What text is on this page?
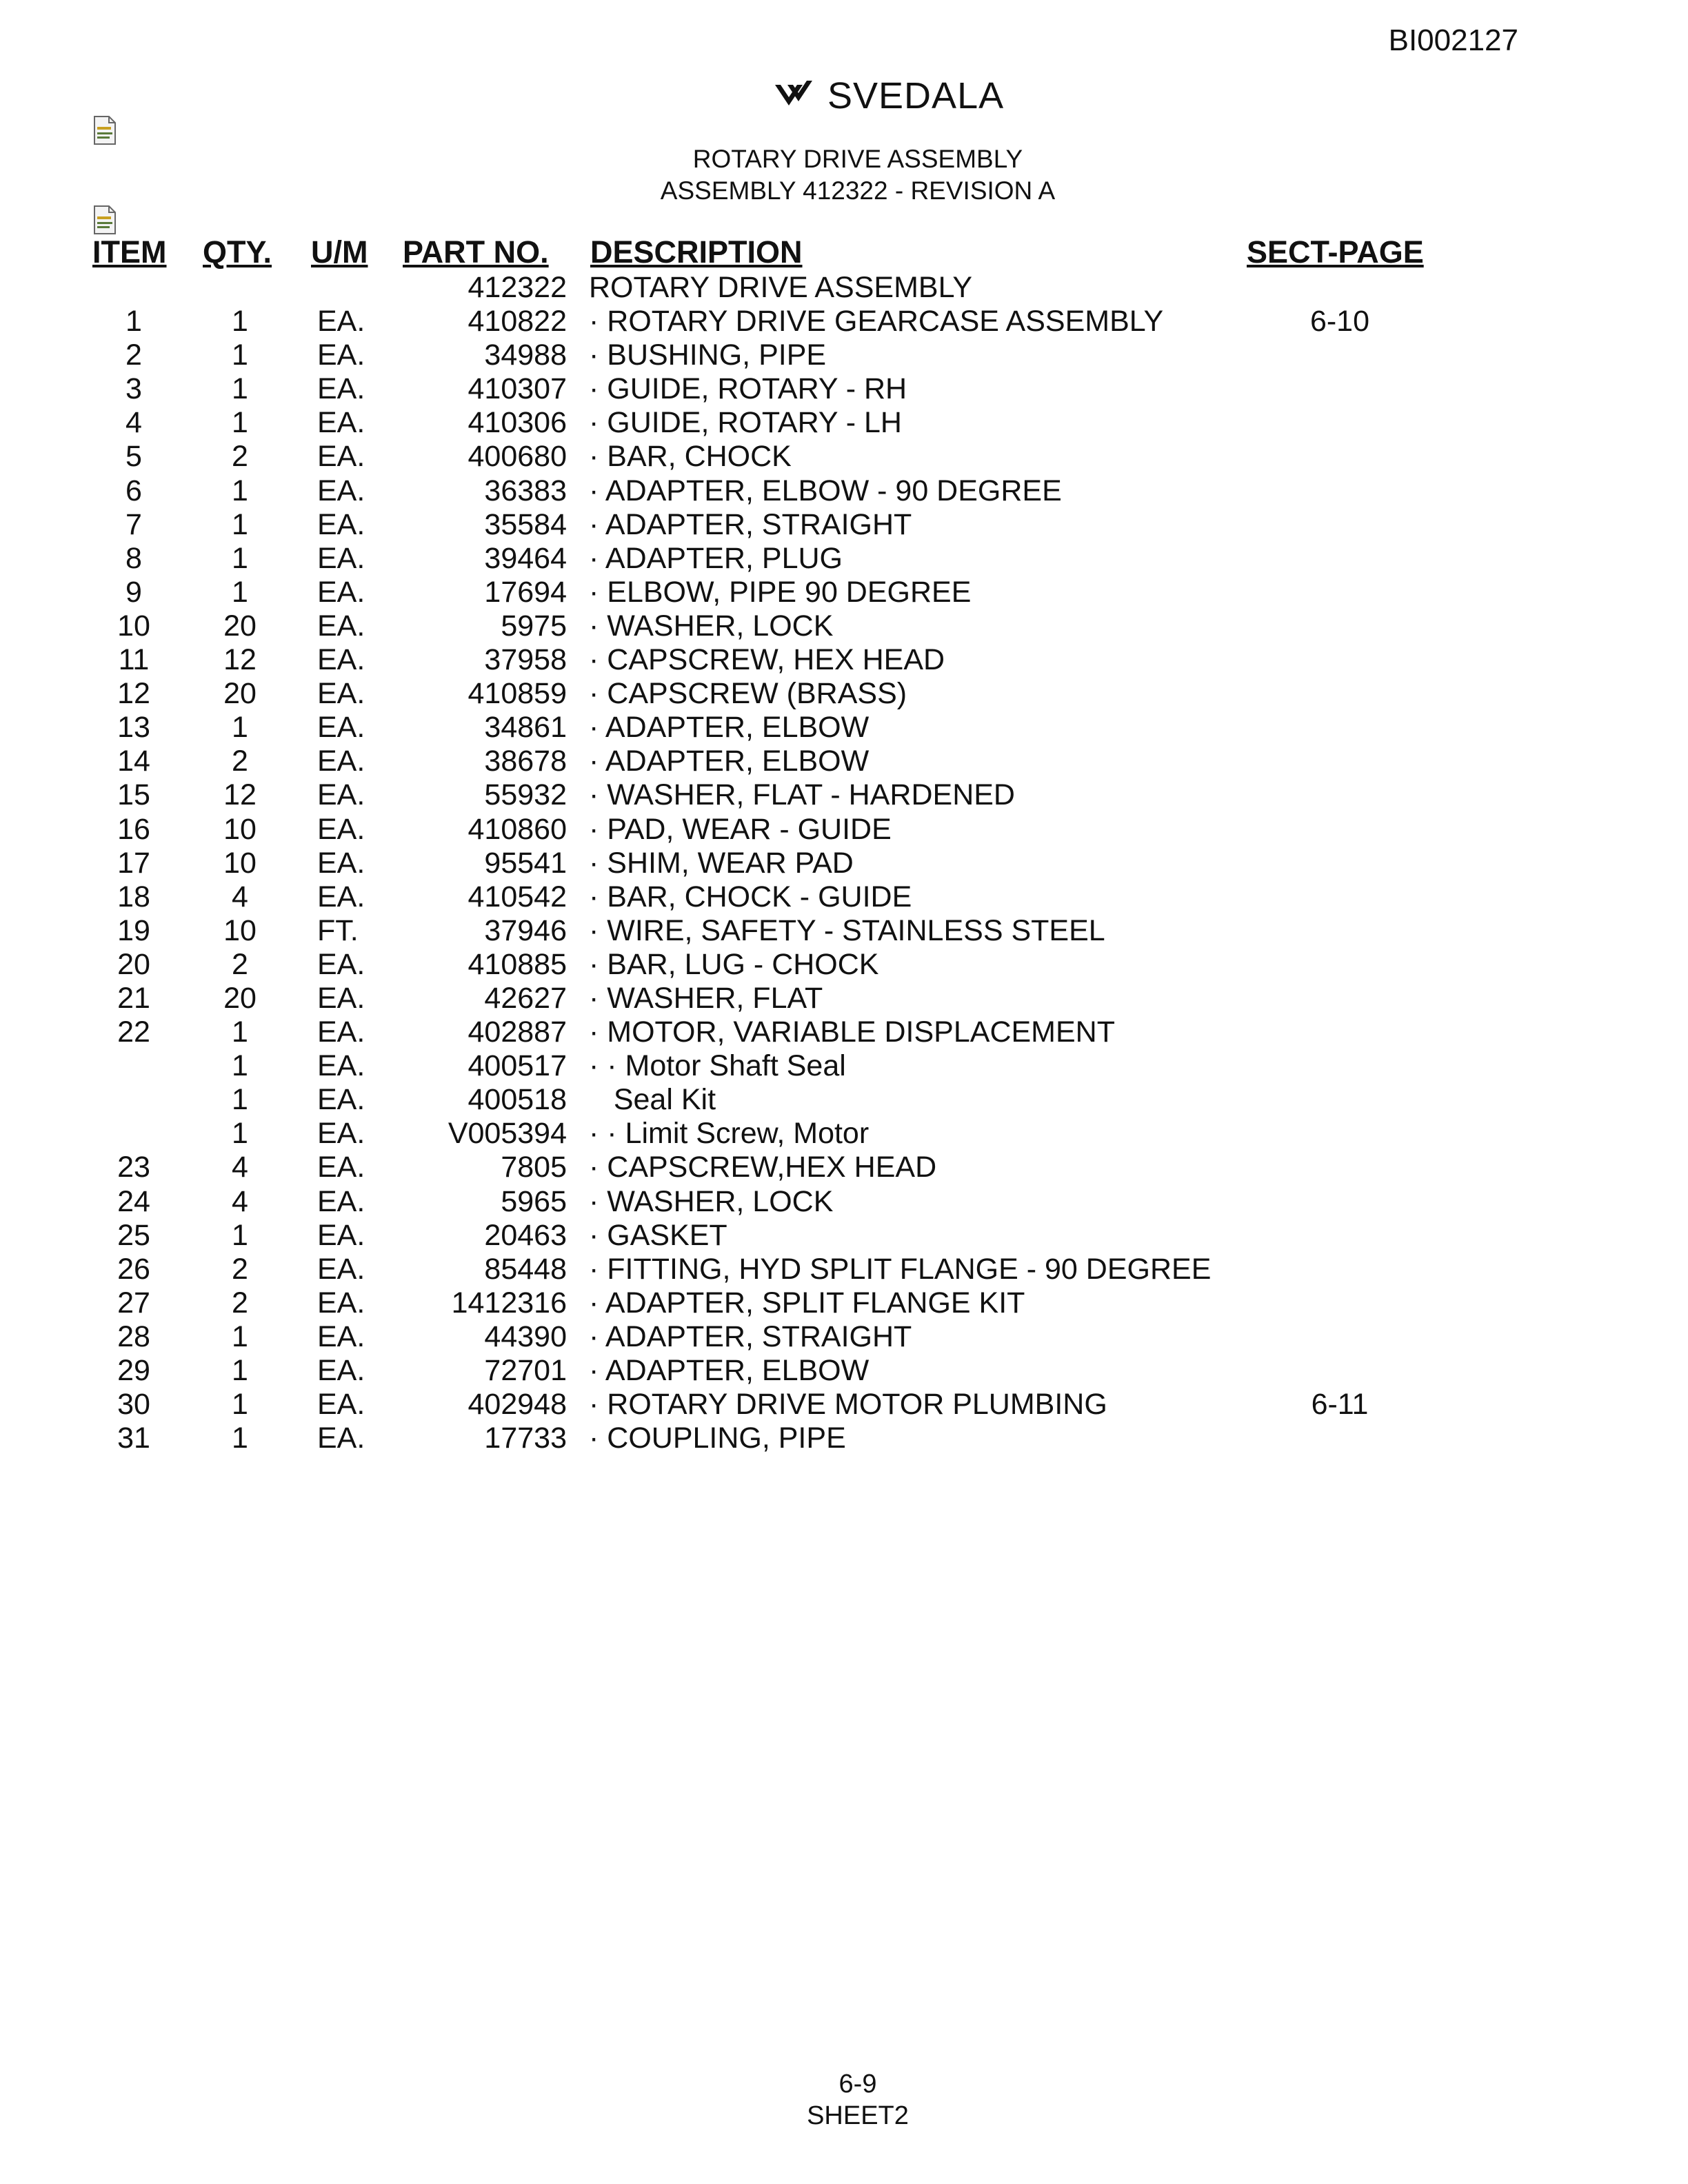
BI002127
SVEDALA
ROTARY DRIVE ASSEMBLY
ASSEMBLY 412322 - REVISION A
ITEM QTY. U/M PART NO. DESCRIPTION	SECT-PAGE

1
2
3
4
5
6
7
8
9
10
11
12
13
14
15
16
17
18
19
20
21
22

23
24
25
26
27
28
29
30
31

1
1
1
1
2
1
1
1
1
20
12
20
1
2
12
10
10
4
10
2
20
1
1
1
1
4
4
1
2
2
1
1
1
1

EA.
EA.
EA.
EA.
EA.
EA.
EA.
EA.
EA.
EA.
EA.
EA.
EA.
EA.
EA.
EA.
EA.
EA.
FT.
EA.
EA.
EA.
EA.
EA.
EA.
EA.
EA.
EA.
EA.
EA.
EA.
EA.
EA.
EA.
412322
410822
34988
410307
410306
400680
36383
35584
39464
17694
5975
37958
410859
34861
38678
55932
410860
95541
410542
37946
410885
42627
402887
400517
400518
V005394
7805
5965
20463
85448
1412316
44390
72701
402948
17733
ROTARY DRIVE ASSEMBLY
· ROTARY DRIVE GEARCASE ASSEMBLY
· BUSHING, PIPE
· GUIDE, ROTARY - RH
· GUIDE, ROTARY - LH
· BAR, CHOCK
· ADAPTER, ELBOW - 90 DEGREE
· ADAPTER, STRAIGHT
· ADAPTER, PLUG
· ELBOW, PIPE 90 DEGREE
· WASHER, LOCK
· CAPSCREW, HEX HEAD
· CAPSCREW (BRASS)
· ADAPTER, ELBOW
· ADAPTER, ELBOW
· WASHER, FLAT - HARDENED
· PAD, WEAR - GUIDE
· SHIM, WEAR PAD
· BAR, CHOCK - GUIDE
· WIRE, SAFETY - STAINLESS STEEL
· BAR, LUG - CHOCK
· WASHER, FLAT
· MOTOR, VARIABLE DISPLACEMENT
· · Motor Shaft Seal
Seal Kit
· · Limit Screw, Motor
· CAPSCREW,HEX HEAD
· WASHER, LOCK
· GASKET
· FITTING, HYD SPLIT FLANGE - 90 DEGREE
· ADAPTER, SPLIT FLANGE KIT
· ADAPTER, STRAIGHT
· ADAPTER, ELBOW
· ROTARY DRIVE MOTOR PLUMBING
· COUPLING, PIPE

6-10

6-11

6-9
SHEET2
